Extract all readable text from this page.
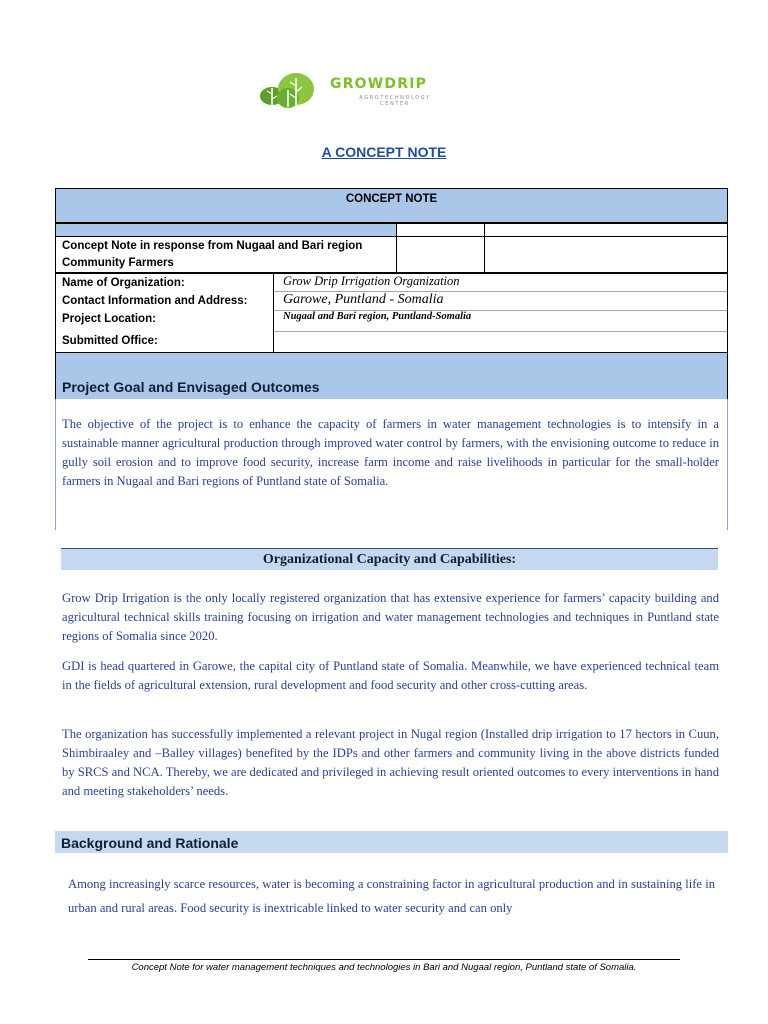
GROWDRIP
AGROTECHNOLOGY
CENTER
A CONCEPT NOTE
CONCEPT NOTE
Concept Note in response from Nugaal and Bari region Community Farmers
Name of Organization:	Grow Drip Irrigation Organization
Contact Information and Address:	Garowe, Puntland - Somalia
Project Location:	Nugaal and Bari region, Puntland-Somalia
Submitted Office:
Project Goal and Envisaged Outcomes
The objective of the project is to enhance the capacity of farmers in water management technologies is to intensify in a sustainable manner agricultural production through improved water control by farmers, with the envisioning outcome to reduce in gully soil erosion and to improve food security, increase farm income and raise livelihoods in particular for the small-holder farmers in Nugaal and Bari regions of Puntland state of Somalia.
Organizational Capacity and Capabilities:
Grow Drip Irrigation is the only locally registered organization that has extensive experience for farmers’ capacity building and agricultural technical skills training focusing on irrigation and water management technologies and techniques in Puntland state regions of Somalia since 2020.
GDI is head quartered in Garowe, the capital city of Puntland state of Somalia. Meanwhile, we have experienced technical team in the fields of agricultural extension, rural development and food security and other cross-cutting areas.
The organization has successfully implemented a relevant project in Nugal region (Installed drip irrigation to 17 hectors in Cuun, Shimbiraaley and –Balley villages) benefited by the IDPs and other farmers and community living in the above districts funded by SRCS and NCA. Thereby, we are dedicated and privileged in achieving result oriented outcomes to every interventions in hand and meeting stakeholders’ needs.
Background and Rationale
Among increasingly scarce resources, water is becoming a constraining factor in agricultural production and in sustaining life in urban and rural areas. Food security is inextricable linked to water security and can only
Concept Note for water management techniques and technologies in Bari and Nugaal region, Puntland state of Somalia.
